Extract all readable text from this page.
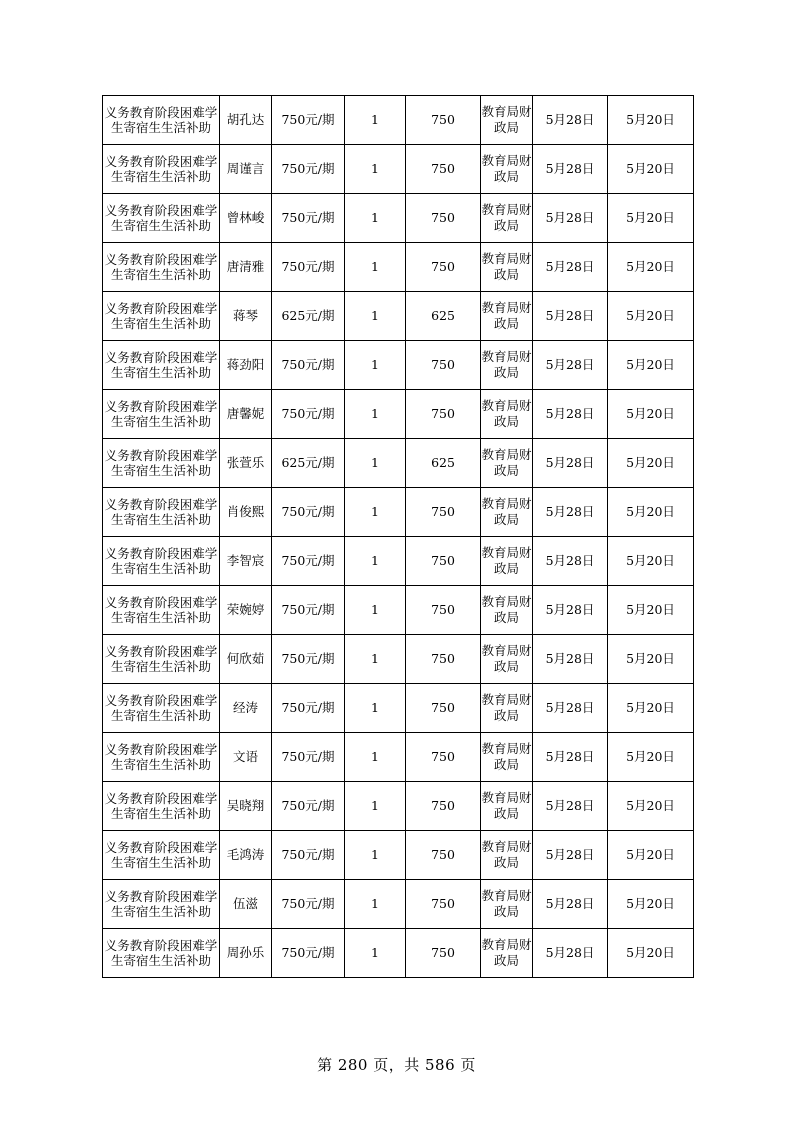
义务教育阶段困难学生寄宿生生活补助	胡孔达	750元/期	1	750	教育局财政局	5月28日	5月20日
义务教育阶段困难学生寄宿生生活补助	周谨言	750元/期	1	750	教育局财政局	5月28日	5月20日
义务教育阶段困难学生寄宿生生活补助	曾林峻	750元/期	1	750	教育局财政局	5月28日	5月20日
义务教育阶段困难学生寄宿生生活补助	唐清雅	750元/期	1	750	教育局财政局	5月28日	5月20日
义务教育阶段困难学生寄宿生生活补助	蒋琴	625元/期	1	625	教育局财政局	5月28日	5月20日
义务教育阶段困难学生寄宿生生活补助	蒋劲阳	750元/期	1	750	教育局财政局	5月28日	5月20日
义务教育阶段困难学生寄宿生生活补助	唐馨妮	750元/期	1	750	教育局财政局	5月28日	5月20日
义务教育阶段困难学生寄宿生生活补助	张萱乐	625元/期	1	625	教育局财政局	5月28日	5月20日
义务教育阶段困难学生寄宿生生活补助	肖俊熙	750元/期	1	750	教育局财政局	5月28日	5月20日
义务教育阶段困难学生寄宿生生活补助	李智宸	750元/期	1	750	教育局财政局	5月28日	5月20日
义务教育阶段困难学生寄宿生生活补助	荣婉婷	750元/期	1	750	教育局财政局	5月28日	5月20日
义务教育阶段困难学生寄宿生生活补助	何欣茹	750元/期	1	750	教育局财政局	5月28日	5月20日
义务教育阶段困难学生寄宿生生活补助	经涛	750元/期	1	750	教育局财政局	5月28日	5月20日
义务教育阶段困难学生寄宿生生活补助	文语	750元/期	1	750	教育局财政局	5月28日	5月20日
义务教育阶段困难学生寄宿生生活补助	吴晓翔	750元/期	1	750	教育局财政局	5月28日	5月20日
义务教育阶段困难学生寄宿生生活补助	毛鸿涛	750元/期	1	750	教育局财政局	5月28日	5月20日
义务教育阶段困难学生寄宿生生活补助	伍滋	750元/期	1	750	教育局财政局	5月28日	5月20日
义务教育阶段困难学生寄宿生生活补助	周孙乐	750元/期	1	750	教育局财政局	5月28日	5月20日
第 280 页，共 586 页
